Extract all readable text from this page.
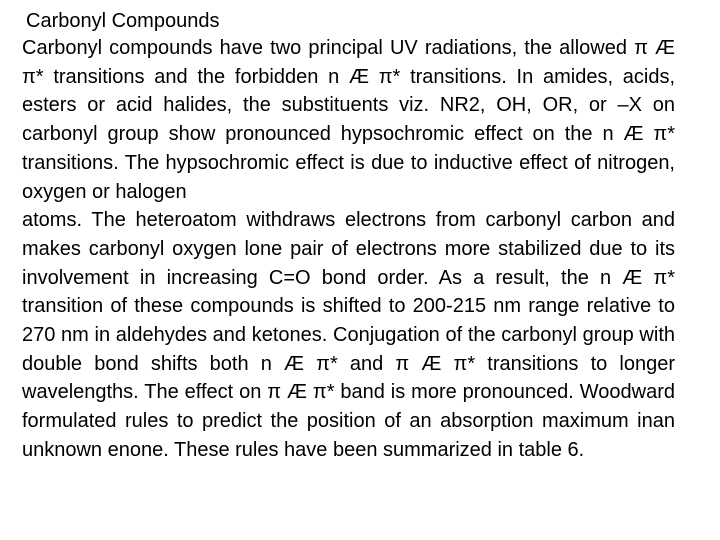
Carbonyl Compounds

Carbonyl compounds have two principal UV radiations, the allowed π Æ π* transitions and the forbidden n Æ π* transitions. In amides, acids, esters or acid halides, the substituents viz. NR2, OH, OR, or –X on carbonyl group show pronounced hypsochromic effect on the n Æ π* transitions. The hypsochromic effect is due to inductive effect of nitrogen, oxygen or halogen

atoms. The heteroatom withdraws electrons from carbonyl carbon and makes carbonyl oxygen lone pair of electrons more stabilized due to its involvement in increasing C=O bond order. As a result, the n Æ π* transition of these compounds is shifted to 200-215 nm range relative to 270 nm in aldehydes and ketones. Conjugation of the carbonyl group with double bond shifts both n Æ π* and π Æ π* transitions to longer wavelengths. The effect on π Æ π* band is more pronounced. Woodward formulated rules to predict the position of an absorption maximum inan unknown enone. These rules have been summarized in table 6.
